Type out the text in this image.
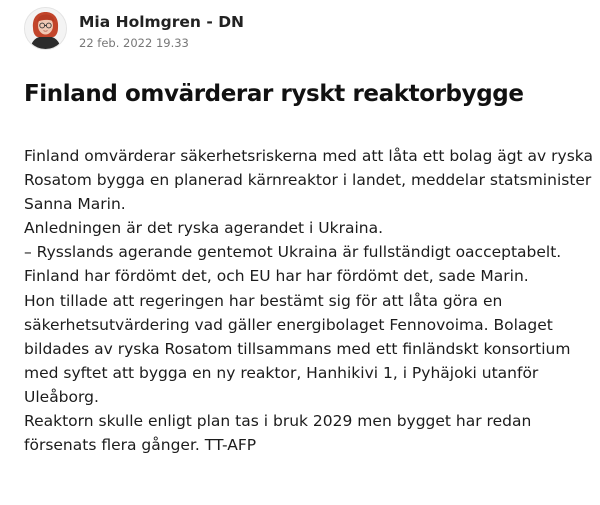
Mia Holmgren - DN
22 feb. 2022 19.33
Finland omvärderar ryskt reaktorbygge
Finland omvärderar säkerhetsriskerna med att låta ett bolag ägt av ryska
Rosatom bygga en planerad kärnreaktor i landet, meddelar statsminister
Sanna Marin.
Anledningen är det ryska agerandet i Ukraina.
– Rysslands agerande gentemot Ukraina är fullständigt oacceptabelt.
Finland har fördömt det, och EU har har fördömt det, sade Marin.
Hon tillade att regeringen har bestämt sig för att låta göra en
säkerhetsutvärdering vad gäller energibolaget Fennovoima. Bolaget
bildades av ryska Rosatom tillsammans med ett finländskt konsortium
med syftet att bygga en ny reaktor, Hanhikivi 1, i Pyhäjoki utanför
Uleåborg.
Reaktorn skulle enligt plan tas i bruk 2029 men bygget har redan
försenats flera gånger. TT-AFP
